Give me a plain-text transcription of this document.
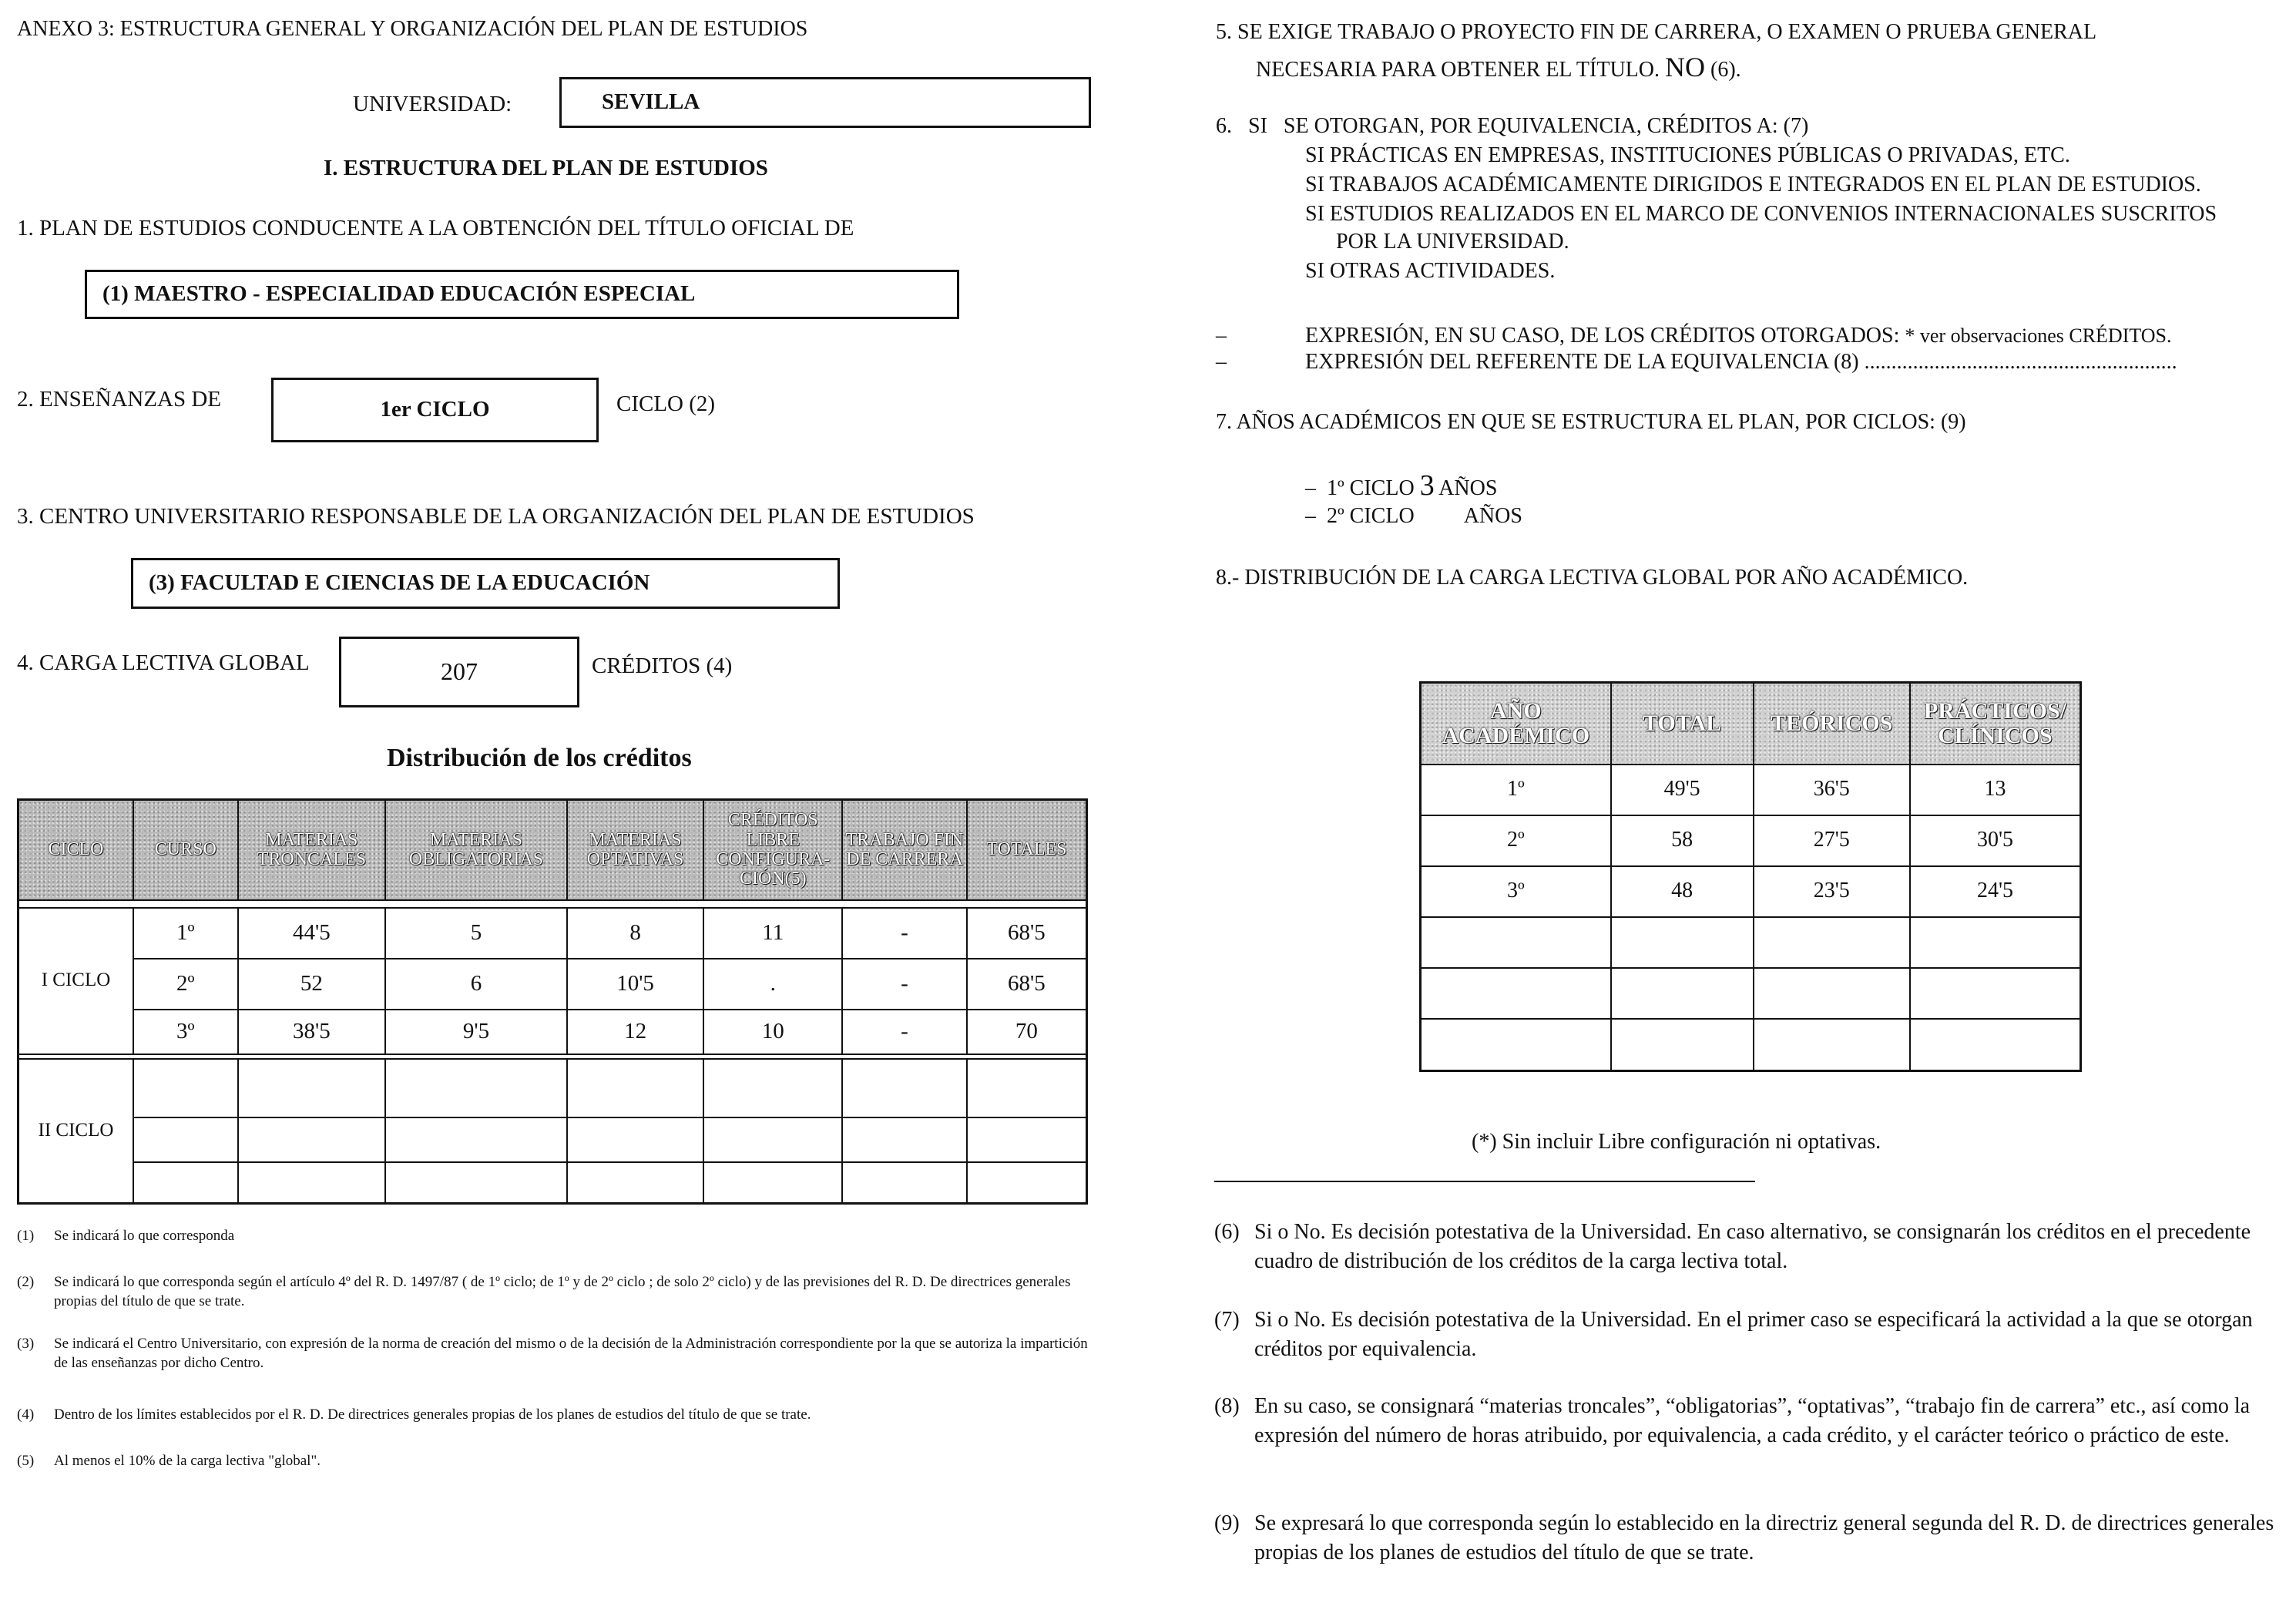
ANEXO 3: ESTRUCTURA GENERAL Y ORGANIZACIÓN DEL PLAN DE ESTUDIOS
UNIVERSIDAD:	SEVILLA
I. ESTRUCTURA DEL PLAN DE ESTUDIOS
1. PLAN DE ESTUDIOS CONDUCENTE A LA OBTENCIÓN DEL TÍTULO OFICIAL DE
(1) MAESTRO - ESPECIALIDAD EDUCACIÓN ESPECIAL
2. ENSEÑANZAS DE	1er CICLO	CICLO (2)
3. CENTRO UNIVERSITARIO RESPONSABLE DE LA ORGANIZACIÓN DEL PLAN DE ESTUDIOS
(3) FACULTAD E CIENCIAS DE LA EDUCACIÓN
4. CARGA LECTIVA GLOBAL	207	CRÉDITOS (4)
Distribución de los créditos
CICLO	CURSO	MATERIAS TRONCALES	MATERIAS OBLIGATORIAS	MATERIAS OPTATIVAS	CRÉDITOS LIBRE CONFIGURA-CIÓN(5)	TRABAJO FIN DE CARRERA	TOTALES

I CICLO	1º	44'5	5	8	11	-	68'5
	2º	52	6	10'5	.	-	68'5
	3º	38'5	9'5	12	10	-	70

II CICLO							

(1)	Se indicará lo que corresponda
(2)	Se indicará lo que corresponda según el artículo 4º del R. D. 1497/87 ( de 1º ciclo; de 1º y de 2º ciclo ; de solo 2º ciclo) y de las previsiones del R. D. De directrices generales propias del título de que se trate.
(3)	Se indicará el Centro Universitario, con expresión de la norma de creación del mismo o de la decisión de la Administración correspondiente por la que se autoriza la impartición de las enseñanzas por dicho Centro.
(4)	Dentro de los límites establecidos por el R. D. De directrices generales propias de los planes de estudios del título de que se trate.
(5)	Al menos el 10% de la carga lectiva "global".
5. SE EXIGE TRABAJO O PROYECTO FIN DE CARRERA, O EXAMEN O PRUEBA GENERAL
NECESARIA PARA OBTENER EL TÍTULO. NO (6).
6. SI SE OTORGAN, POR EQUIVALENCIA, CRÉDITOS A: (7)
SI PRÁCTICAS EN EMPRESAS, INSTITUCIONES PÚBLICAS O PRIVADAS, ETC.
SI TRABAJOS ACADÉMICAMENTE DIRIGIDOS E INTEGRADOS EN EL PLAN DE ESTUDIOS.
SI ESTUDIOS REALIZADOS EN EL MARCO DE CONVENIOS INTERNACIONALES SUSCRITOS
POR LA UNIVERSIDAD.
SI OTRAS ACTIVIDADES.
–	EXPRESIÓN, EN SU CASO, DE LOS CRÉDITOS OTORGADOS: * ver observaciones CRÉDITOS.
–	EXPRESIÓN DEL REFERENTE DE LA EQUIVALENCIA (8) ..........................................................
7. AÑOS ACADÉMICOS EN QUE SE ESTRUCTURA EL PLAN, POR CICLOS: (9)
–  1º CICLO 3 AÑOS
–  2º CICLO AÑOS
8.- DISTRIBUCIÓN DE LA CARGA LECTIVA GLOBAL POR AÑO ACADÉMICO.
AÑO ACADÉMICO	TOTAL	TEÓRICOS	PRÁCTICOS/ CLÍNICOS
1º	49'5	36'5	13
2º	58	27'5	30'5
3º	48	23'5	24'5

(*) Sin incluir Libre configuración ni optativas.
(6) Si o No. Es decisión potestativa de la Universidad. En caso alternativo, se consignarán los créditos en el precedente cuadro de distribución de los créditos de la carga lectiva total.
(7) Si o No. Es decisión potestativa de la Universidad. En el primer caso se especificará la actividad a la que se otorgan créditos por equivalencia.
(8) En su caso, se consignará “materias troncales”, “obligatorias”, “optativas”, “trabajo fin de carrera” etc., así como la expresión del número de horas atribuido, por equivalencia, a cada crédito, y el carácter teórico o práctico de este.
(9) Se expresará lo que corresponda según lo establecido en la directriz general segunda del R. D. de directrices generales propias de los planes de estudios del título de que se trate.
